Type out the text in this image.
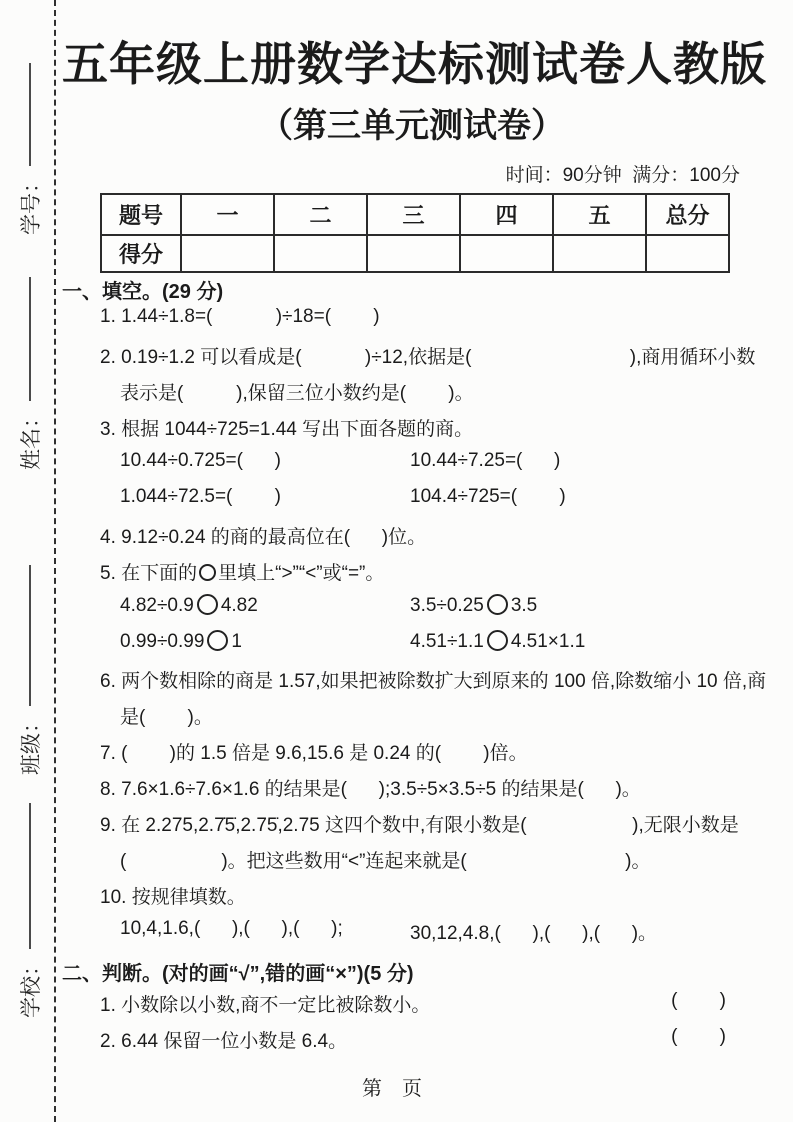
学号：
姓名：
班级：
学校：
五年级上册数学达标测试卷人教版
（第三单元测试卷）
时间：90分钟  满分：100分
题号	一	二	三	四	五	总分
得分						
一、填空。(29 分)
1. 1.44÷1.8=(            )÷18=(        )
2. 0.19÷1.2 可以看成是(            )÷12,依据是(                              ),商用循环小数
表示是(          ),保留三位小数约是(        )。
3. 根据 1044÷725=1.44 写出下面各题的商。
10.44÷0.725=(      )	10.44÷7.25=(      )
1.044÷72.5=(        )	104.4÷725=(        )
4. 9.12÷0.24 的商的最高位在(      )位。
5. 在下面的 里填上“>”“<”或“=”。
4.82÷0.9 4.82	3.5÷0.25 3.5
0.99÷0.99 1	4.51÷1.1 4.51×1.1
6. 两个数相除的商是 1.57,如果把被除数扩大到原来的 100 倍,除数缩小 10 倍,商
是(        )。
7. (        )的 1.5 倍是 9.6,15.6 是 0.24 的(        )倍。
8. 7.6×1.6÷7.6×1.6 的结果是(      );3.5÷5×3.5÷5 的结果是(      )。
9. 在 2.275,2.7̇5̇,2.75̇,2.75 这四个数中,有限小数是(                    ),无限小数是
(                  )。把这些数用“<”连起来就是(                              )。
10. 按规律填数。
10,4,1.6,(      ),(      ),(      );	30,12,4.8,(      ),(      ),(      )。
二、判断。(对的画“√”,错的画“×”)(5 分)
1. 小数除以小数,商不一定比被除数小。	(        )
2. 6.44 保留一位小数是 6.4。	(        )
第　页
